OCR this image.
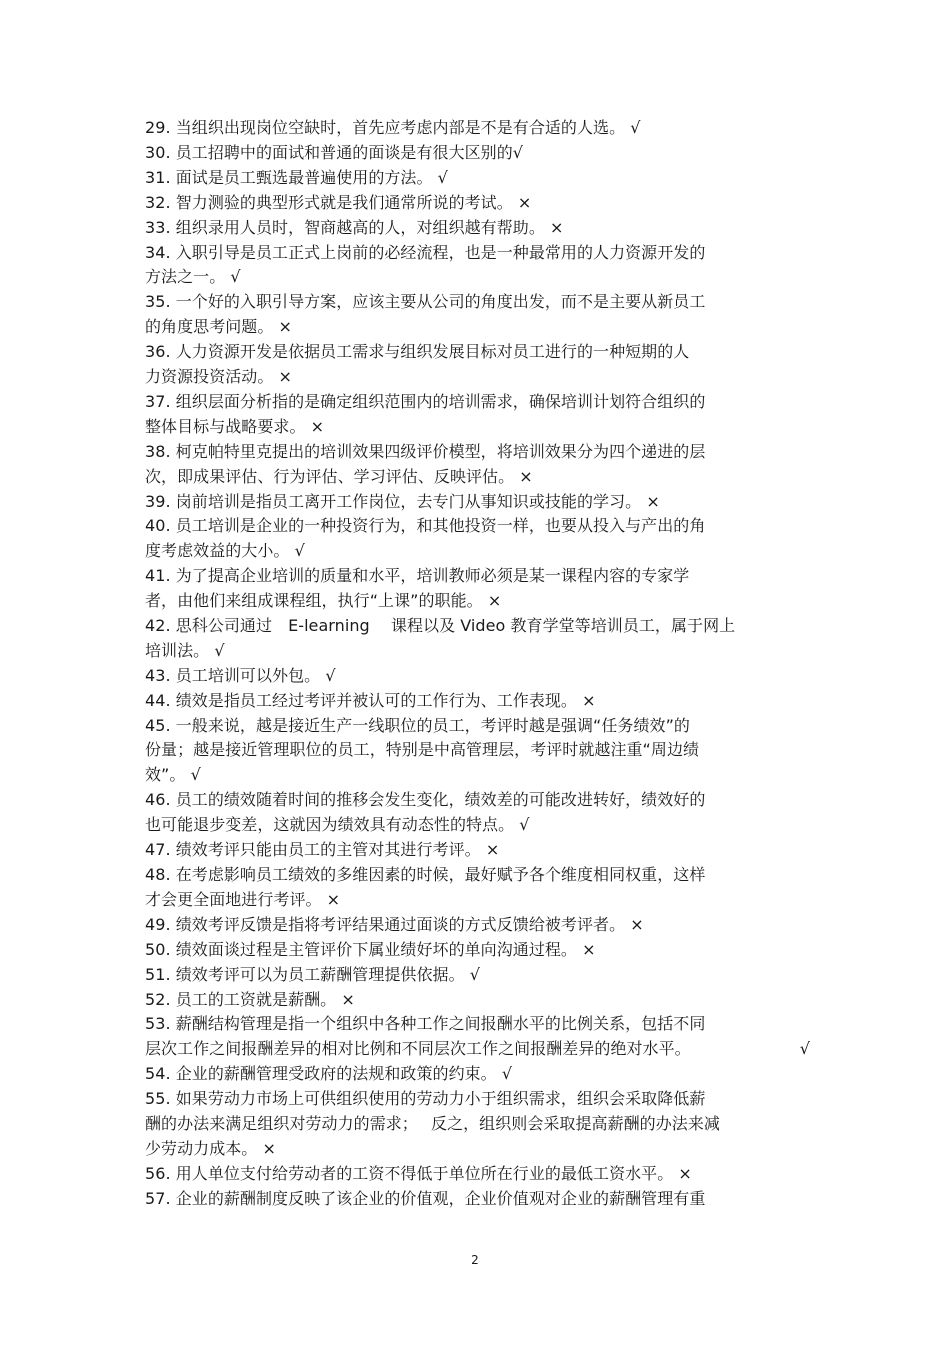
29. 当组织出现岗位空缺时，首先应考虑内部是不是有合适的人选。 √
30. 员工招聘中的面试和普通的面谈是有很大区别的√
31. 面试是员工甄选最普遍使用的方法。 √
32. 智力测验的典型形式就是我们通常所说的考试。 ×
33. 组织录用人员时，智商越高的人，对组织越有帮助。 ×
34. 入职引导是员工正式上岗前的必经流程，也是一种最常用的人力资源开发的
方法之一。 √
35. 一个好的入职引导方案，应该主要从公司的角度出发，而不是主要从新员工
的角度思考问题。 ×
36. 人力资源开发是依据员工需求与组织发展目标对员工进行的一种短期的人
力资源投资活动。 ×
37. 组织层面分析指的是确定组织范围内的培训需求，确保培训计划符合组织的
整体目标与战略要求。 ×
38. 柯克帕特里克提出的培训效果四级评价模型，将培训效果分为四个递进的层
次，即成果评估、行为评估、学习评估、反映评估。 ×
39. 岗前培训是指员工离开工作岗位，去专门从事知识或技能的学习。 ×
40. 员工培训是企业的一种投资行为，和其他投资一样，也要从投入与产出的角
度考虑效益的大小。 √
41. 为了提高企业培训的质量和水平，培训教师必须是某一课程内容的专家学
者，由他们来组成课程组，执行“上课”的职能。 ×
42. 思科公司通过　E-learning　 课程以及 Video 教育学堂等培训员工，属于网上
培训法。 √
43. 员工培训可以外包。 √
44. 绩效是指员工经过考评并被认可的工作行为、工作表现。 ×
45. 一般来说，越是接近生产一线职位的员工，考评时越是强调“任务绩效”的
份量；越是接近管理职位的员工，特别是中高管理层，考评时就越注重“周边绩
效”。 √
46. 员工的绩效随着时间的推移会发生变化，绩效差的可能改进转好，绩效好的
也可能退步变差，这就因为绩效具有动态性的特点。 √
47. 绩效考评只能由员工的主管对其进行考评。 ×
48. 在考虑影响员工绩效的多维因素的时候，最好赋予各个维度相同权重，这样
才会更全面地进行考评。 ×
49. 绩效考评反馈是指将考评结果通过面谈的方式反馈给被考评者。 ×
50. 绩效面谈过程是主管评价下属业绩好坏的单向沟通过程。 ×
51. 绩效考评可以为员工薪酬管理提供依据。 √
52. 员工的工资就是薪酬。 ×
53. 薪酬结构管理是指一个组织中各种工作之间报酬水平的比例关系，包括不同
层次工作之间报酬差异的相对比例和不同层次工作之间报酬差异的绝对水平。	√
54. 企业的薪酬管理受政府的法规和政策的约束。 √
55. 如果劳动力市场上可供组织使用的劳动力小于组织需求，组织会采取降低薪
酬的办法来满足组织对劳动力的需求；　 反之，组织则会采取提高薪酬的办法来减
少劳动力成本。 ×
56. 用人单位支付给劳动者的工资不得低于单位所在行业的最低工资水平。 ×
57. 企业的薪酬制度反映了该企业的价值观，企业价值观对企业的薪酬管理有重
2
